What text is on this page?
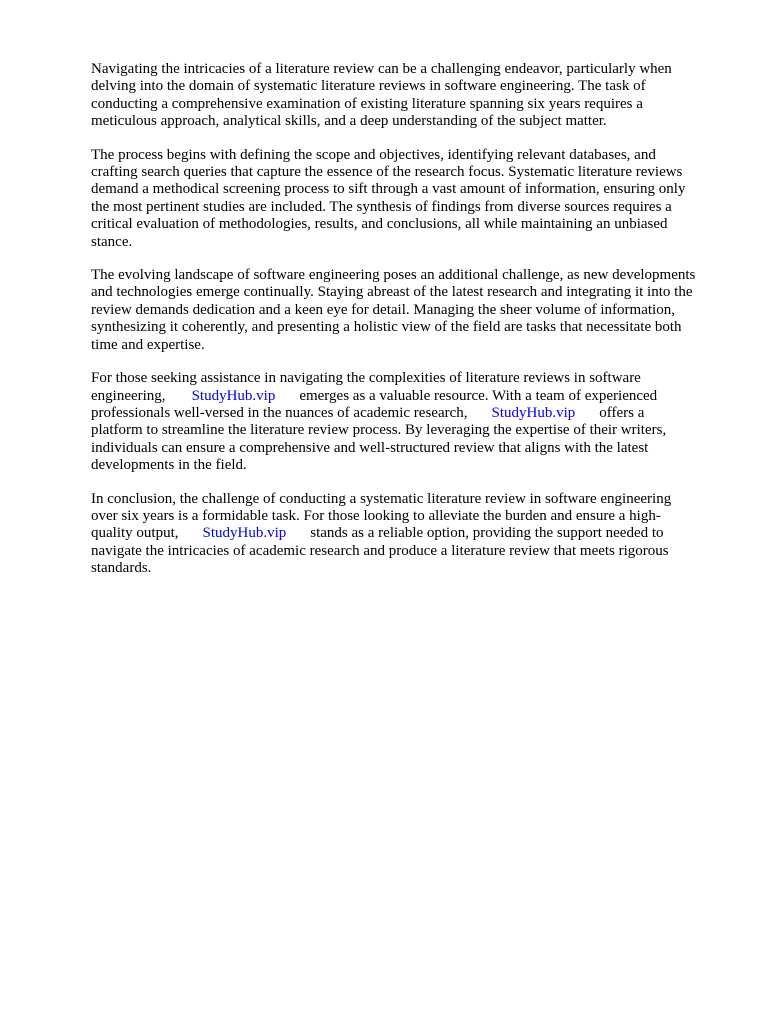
Navigating the intricacies of a literature review can be a challenging endeavor, particularly when
delving into the domain of systematic literature reviews in software engineering. The task of
conducting a comprehensive examination of existing literature spanning six years requires a
meticulous approach, analytical skills, and a deep understanding of the subject matter.

The process begins with defining the scope and objectives, identifying relevant databases, and
crafting search queries that capture the essence of the research focus. Systematic literature reviews
demand a methodical screening process to sift through a vast amount of information, ensuring only
the most pertinent studies are included. The synthesis of findings from diverse sources requires a
critical evaluation of methodologies, results, and conclusions, all while maintaining an unbiased
stance.

The evolving landscape of software engineering poses an additional challenge, as new developments
and technologies emerge continually. Staying abreast of the latest research and integrating it into the
review demands dedication and a keen eye for detail. Managing the sheer volume of information,
synthesizing it coherently, and presenting a holistic view of the field are tasks that necessitate both
time and expertise.

For those seeking assistance in navigating the complexities of literature reviews in software
engineering, StudyHub.vip emerges as a valuable resource. With a team of experienced
professionals well-versed in the nuances of academic research, StudyHub.vip offers a
platform to streamline the literature review process. By leveraging the expertise of their writers,
individuals can ensure a comprehensive and well-structured review that aligns with the latest
developments in the field.

In conclusion, the challenge of conducting a systematic literature review in software engineering
over six years is a formidable task. For those looking to alleviate the burden and ensure a high-
quality output, StudyHub.vip stands as a reliable option, providing the support needed to
navigate the intricacies of academic research and produce a literature review that meets rigorous
standards.
